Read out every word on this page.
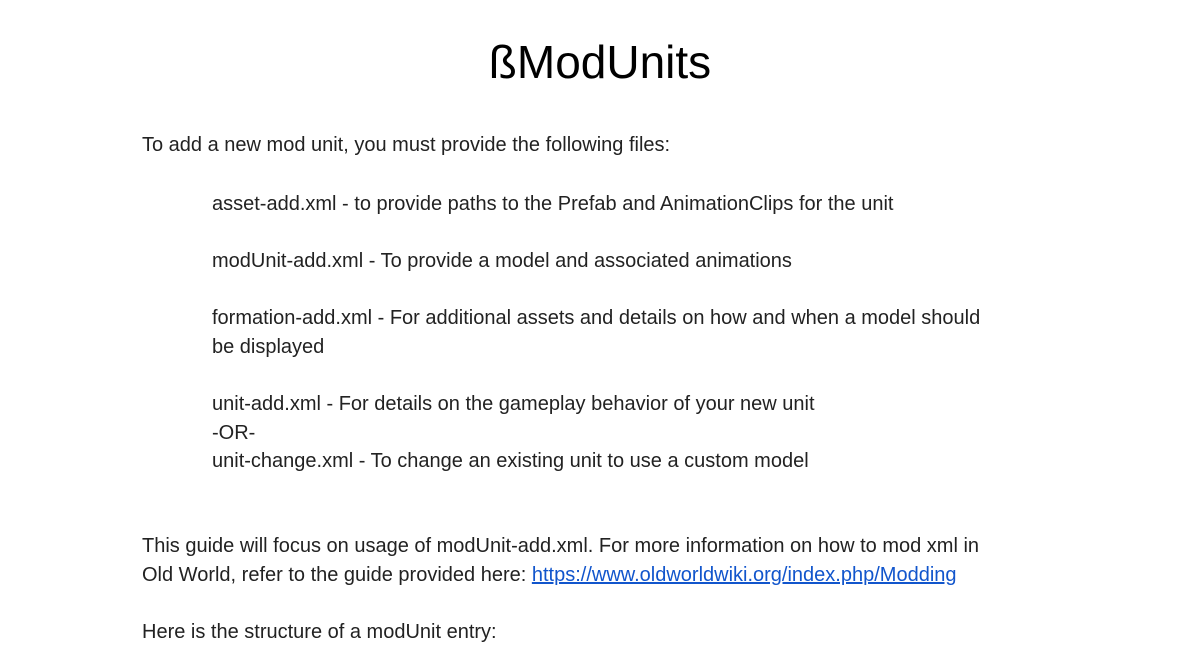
ßModUnits

To add a new mod unit, you must provide the following files:

asset-add.xml - to provide paths to the Prefab and AnimationClips for the unit

modUnit-add.xml - To provide a model and associated animations

formation-add.xml - For additional assets and details on how and when a model should

be displayed

unit-add.xml - For details on the gameplay behavior of your new unit

-OR-

unit-change.xml - To change an existing unit to use a custom model

This guide will focus on usage of modUnit-add.xml. For more information on how to mod xml in

Old World, refer to the guide provided here: https://www.oldworldwiki.org/index.php/Modding

Here is the structure of a modUnit entry:
